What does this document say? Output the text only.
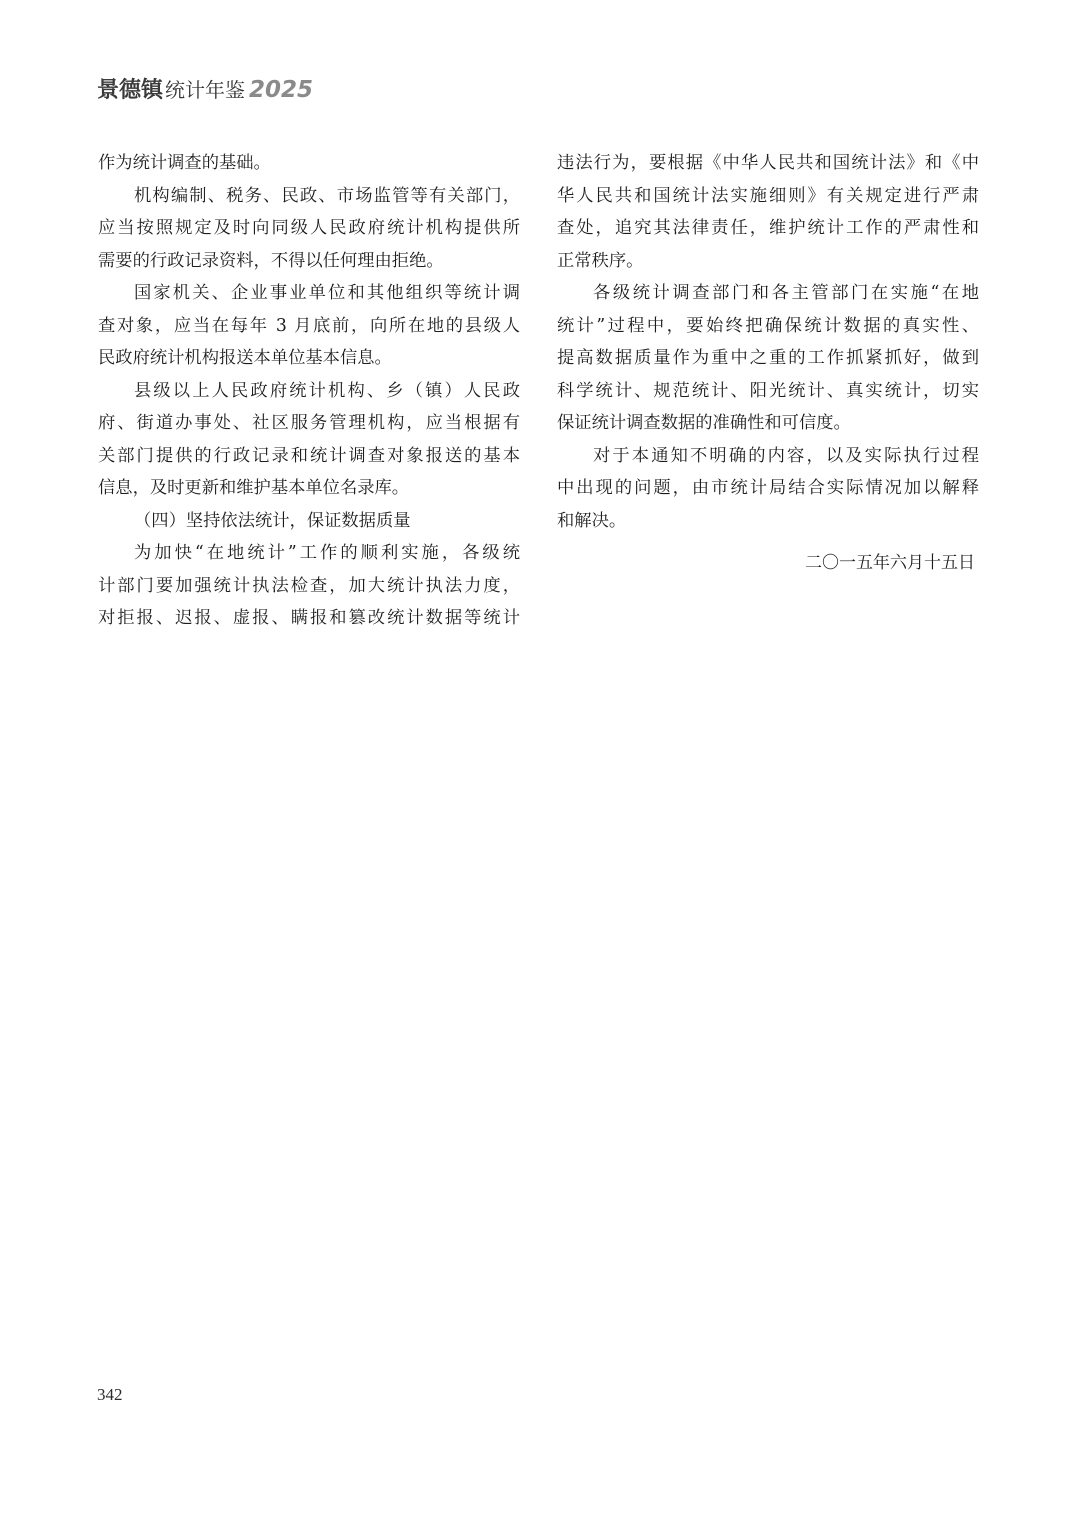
景德镇 统计年鉴 2025
作为统计调查的基础。
机构编制、税务、民政、市场监管等有关部门，
应当按照规定及时向同级人民政府统计机构提供所
需要的行政记录资料，不得以任何理由拒绝。
国家机关、企业事业单位和其他组织等统计调
查对象，应当在每年 3 月底前，向所在地的县级人
民政府统计机构报送本单位基本信息。
县级以上人民政府统计机构、乡（镇）人民政
府、街道办事处、社区服务管理机构，应当根据有
关部门提供的行政记录和统计调查对象报送的基本
信息，及时更新和维护基本单位名录库。
（四）坚持依法统计，保证数据质量
为加快“在地统计”工作的顺利实施，各级统
计部门要加强统计执法检查，加大统计执法力度，
对拒报、迟报、虚报、瞒报和篡改统计数据等统计
违法行为，要根据《中华人民共和国统计法》和《中
华人民共和国统计法实施细则》有关规定进行严肃
查处，追究其法律责任，维护统计工作的严肃性和
正常秩序。
各级统计调查部门和各主管部门在实施“在地
统计”过程中，要始终把确保统计数据的真实性、
提高数据质量作为重中之重的工作抓紧抓好，做到
科学统计、规范统计、阳光统计、真实统计，切实
保证统计调查数据的准确性和可信度。
对于本通知不明确的内容，以及实际执行过程
中出现的问题，由市统计局结合实际情况加以解释
和解决。
二〇一五年六月十五日
342
